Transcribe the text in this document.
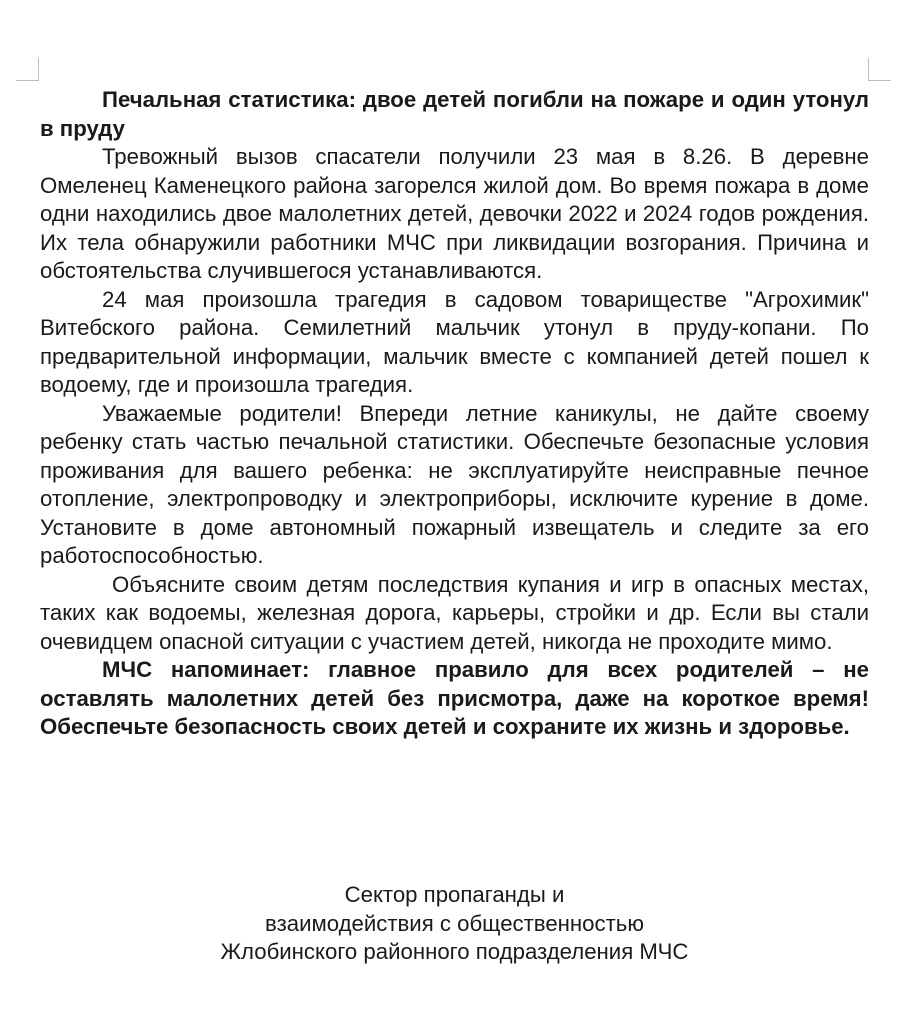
Печальная статистика: двое детей погибли на пожаре и один утонул в пруду

Тревожный вызов спасатели получили 23 мая в 8.26. В деревне Омеленец Каменецкого района загорелся жилой дом. Во время пожара в доме одни находились двое малолетних детей, девочки 2022 и 2024 годов рождения. Их тела обнаружили работники МЧС при ликвидации возгорания. Причина и обстоятельства случившегося устанавливаются.

24 мая произошла трагедия в садовом товариществе "Агрохимик" Витебского района. Семилетний мальчик утонул в пруду-копани. По предварительной информации, мальчик вместе с компанией детей пошел к водоему, где и произошла трагедия.

Уважаемые родители! Впереди летние каникулы, не дайте своему ребенку стать частью печальной статистики. Обеспечьте безопасные условия проживания для вашего ребенка: не эксплуатируйте неисправные печное отопление, электропроводку и электроприборы, исключите курение в доме. Установите в доме автономный пожарный извещатель и следите за его работоспособностью.

Объясните своим детям последствия купания и игр в опасных местах, таких как водоемы, железная дорога, карьеры, стройки и др. Если вы стали очевидцем опасной ситуации с участием детей, никогда не проходите мимо.

МЧС напоминает: главное правило для всех родителей – не оставлять малолетних детей без присмотра, даже на короткое время! Обеспечьте безопасность своих детей и сохраните их жизнь и здоровье.

Сектор пропаганды и
взаимодействия с общественностью
Жлобинского районного подразделения МЧС
